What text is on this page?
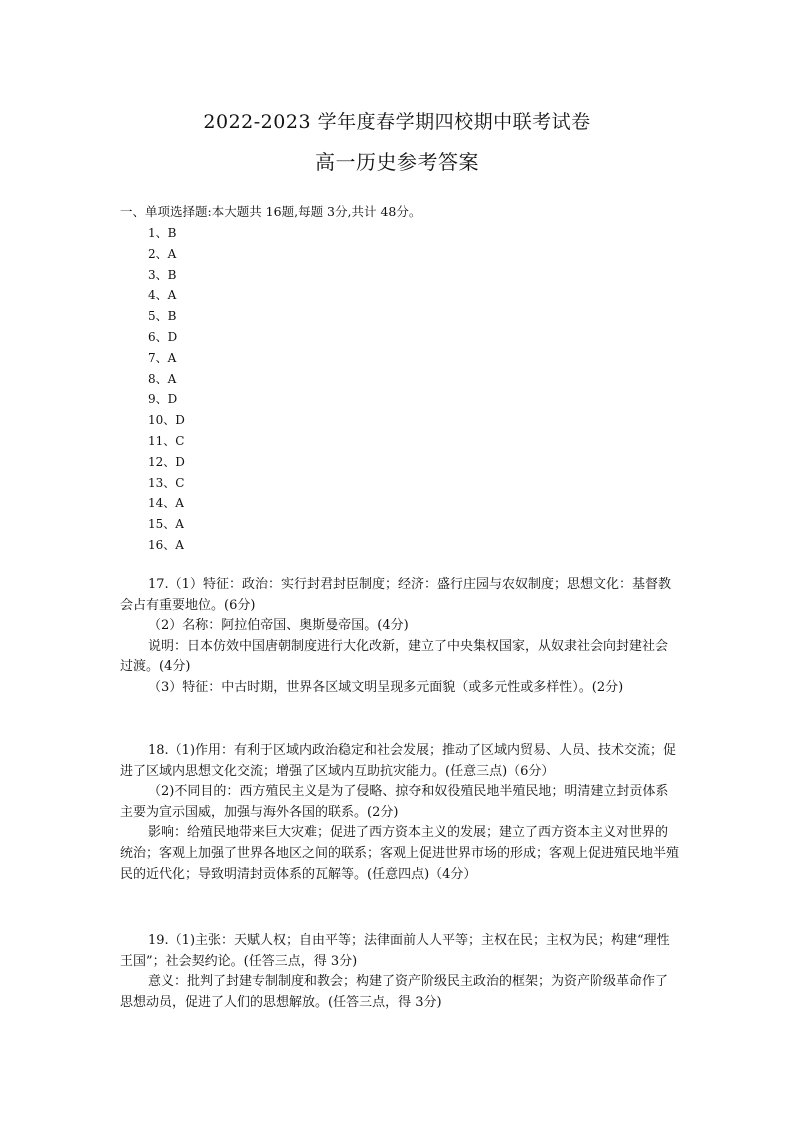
2022-2023 学年度春学期四校期中联考试卷
高一历史参考答案

一、单项选择题:本大题共 16题,每题 3分,共计 48分。

1、B
2、A
3、B
4、A
5、B
6、D
7、A
8、A
9、D
10、D
11、C
12、D
13、C
14、A
15、A
16、A

17.（1）特征：政治：实行封君封臣制度；经济：盛行庄园与农奴制度；思想文化：基督教会占有重要地位。(6分)

（2）名称：阿拉伯帝国、奥斯曼帝国。(4分)

说明：日本仿效中国唐朝制度进行大化改新，建立了中央集权国家，从奴隶社会向封建社会过渡。(4分)

（3）特征：中古时期，世界各区域文明呈现多元面貌（或多元性或多样性）。(2分)

18.（1)作用：有利于区域内政治稳定和社会发展；推动了区域内贸易、人员、技术交流；促进了区域内思想文化交流；增强了区域内互助抗灾能力。(任意三点)（6分）

（2)不同目的：西方殖民主义是为了侵略、掠夺和奴役殖民地半殖民地；明清建立封贡体系主要为宣示国威，加强与海外各国的联系。(2分)

影响：给殖民地带来巨大灾难；促进了西方资本主义的发展；建立了西方资本主义对世界的统治；客观上加强了世界各地区之间的联系；客观上促进世界市场的形成；客观上促进殖民地半殖民的近代化；导致明清封贡体系的瓦解等。(任意四点)（4分）

19.（1)主张：天赋人权；自由平等；法律面前人人平等；主权在民；主权为民；构建“理性王国”；社会契约论。(任答三点，得 3分)

意义：批判了封建专制制度和教会；构建了资产阶级民主政治的框架；为资产阶级革命作了思想动员，促进了人们的思想解放。(任答三点，得 3分)
